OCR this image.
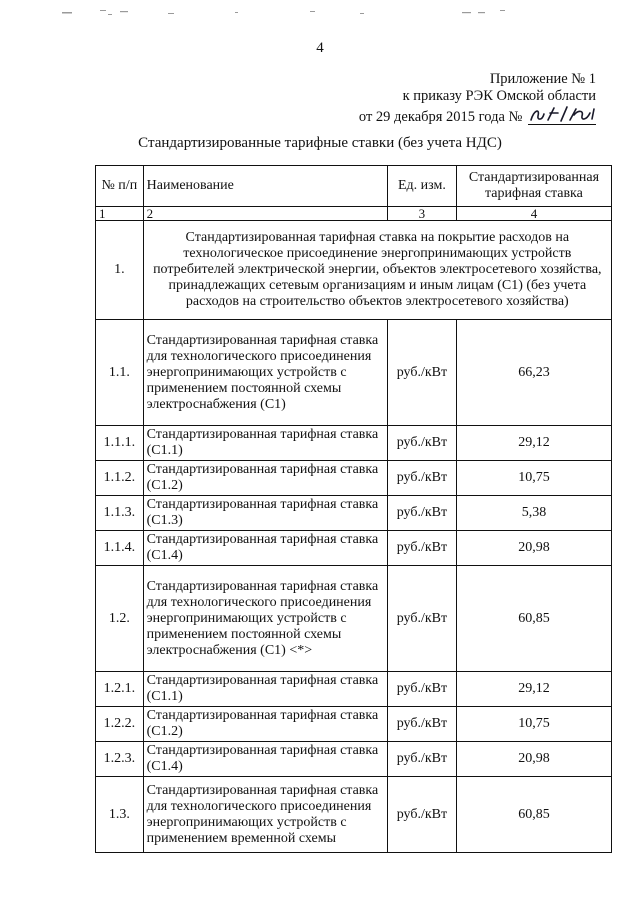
4
Приложение № 1
к приказу РЭК Омской области
от 29 декабря 2015 года №
Стандартизированные тарифные ставки (без учета НДС)
№ п/п	Наименование	Ед. изм.	Стандартизированная тарифная ставка
1	2	3	4
1.	Стандартизированная тарифная ставка на покрытие расходов на технологическое присоединение энергопринимающих устройств потребителей электрической энергии, объектов электросетевого хозяйства, принадлежащих сетевым организациям и иным лицам (С1) (без учета расходов на строительство объектов электросетевого хозяйства)		
1.1.	Стандартизированная тарифная ставка для технологического присоединения энергопринимающих устройств с применением постоянной схемы электроснабжения (С1)	руб./кВт	66,23
1.1.1.	Стандартизированная тарифная ставка (С1.1)	руб./кВт	29,12
1.1.2.	Стандартизированная тарифная ставка (С1.2)	руб./кВт	10,75
1.1.3.	Стандартизированная тарифная ставка (С1.3)	руб./кВт	5,38
1.1.4.	Стандартизированная тарифная ставка (С1.4)	руб./кВт	20,98
1.2.	Стандартизированная тарифная ставка для технологического присоединения энергопринимающих устройств с применением постоянной схемы электроснабжения (С1) <*>	руб./кВт	60,85
1.2.1.	Стандартизированная тарифная ставка (С1.1)	руб./кВт	29,12
1.2.2.	Стандартизированная тарифная ставка (С1.2)	руб./кВт	10,75
1.2.3.	Стандартизированная тарифная ставка (С1.4)	руб./кВт	20,98
1.3.	Стандартизированная тарифная ставка для технологического присоединения энергопринимающих устройств с применением временной схемы	руб./кВт	60,85
